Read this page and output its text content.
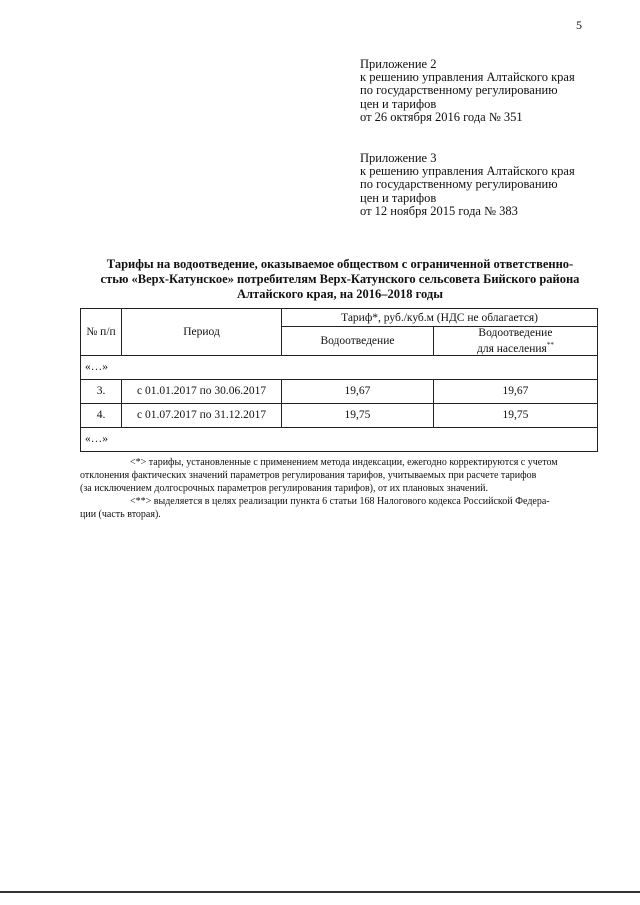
5
Приложение 2
к решению управления Алтайского края
по государственному регулированию
цен и тарифов
от 26 октября 2016 года № 351
Приложение 3
к решению управления Алтайского края
по государственному регулированию
цен и тарифов
от 12 ноября 2015 года № 383
Тарифы на водоотведение, оказываемое обществом с ограниченной ответственно-
стью «Верх-Катунское» потребителям Верх-Катунского сельсовета Бийского района
Алтайского края, на 2016–2018 годы
№ п/п	Период	Тариф*, руб./куб.м (НДС не облагается)	
		Водоотведение	Водоотведение
для населения**

«…»			
3.	с 01.01.2017 по 30.06.2017	19,67	19,67
4.	с 01.07.2017 по 31.12.2017	19,75	19,75
«…»			
<*> тарифы, установленные с применением метода индексации, ежегодно корректируются с учетом
отклонения фактических значений параметров регулирования тарифов, учитываемых при расчете тарифов
(за исключением долгосрочных параметров регулирования тарифов), от их плановых значений.
<**> выделяется в целях реализации пункта 6 статьи 168 Налогового кодекса Российской Федера-
ции (часть вторая).
